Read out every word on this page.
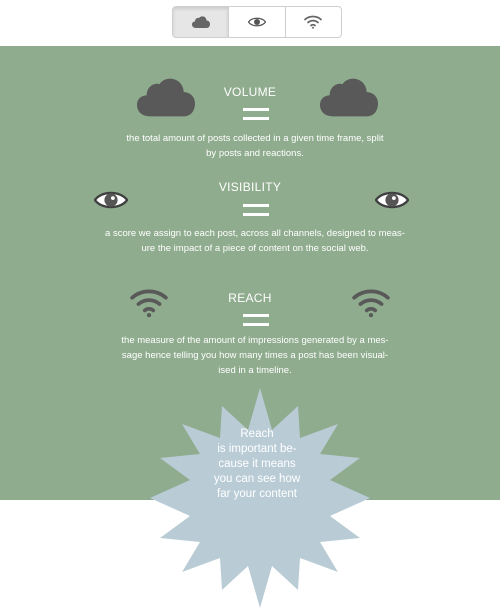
VOLUME
the total amount of posts collected in a given time frame, split
by posts and reactions.
VISIBILITY
a score we assign to each post, across all channels, designed to meas-
ure the impact of a piece of content on the social web.
REACH
the measure of the amount of impressions generated by a mes-
sage hence telling you how many times a post has been visual-
ised in a timeline.
Reach
is important be-
cause it means
you can see how
far your content
